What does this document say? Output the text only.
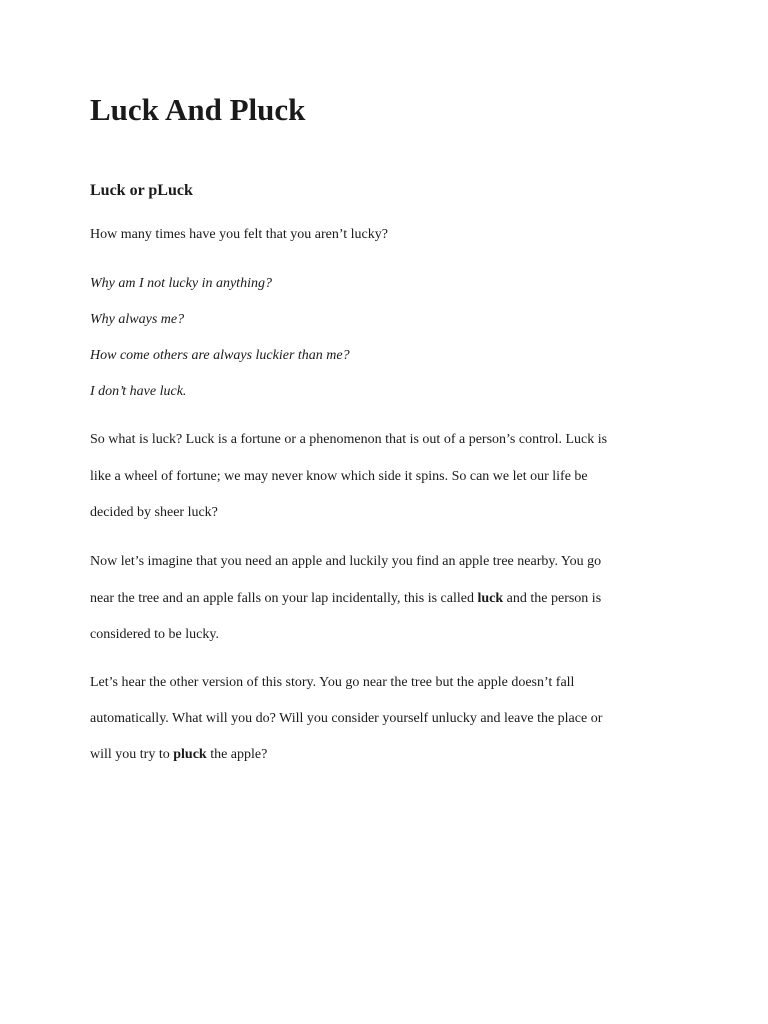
Luck And Pluck
Luck or pLuck

How many times have you felt that you aren’t lucky?

Why am I not lucky in anything?

Why always me?

How come others are always luckier than me?

I don’t have luck.

So what is luck? Luck is a fortune or a phenomenon that is out of a person’s control. Luck is

like a wheel of fortune; we may never know which side it spins. So can we let our life be

decided by sheer luck?

Now let’s imagine that you need an apple and luckily you find an apple tree nearby. You go

near the tree and an apple falls on your lap incidentally, this is called luck and the person is

considered to be lucky.

Let’s hear the other version of this story. You go near the tree but the apple doesn’t fall

automatically. What will you do? Will you consider yourself unlucky and leave the place or

will you try to pluck the apple?
